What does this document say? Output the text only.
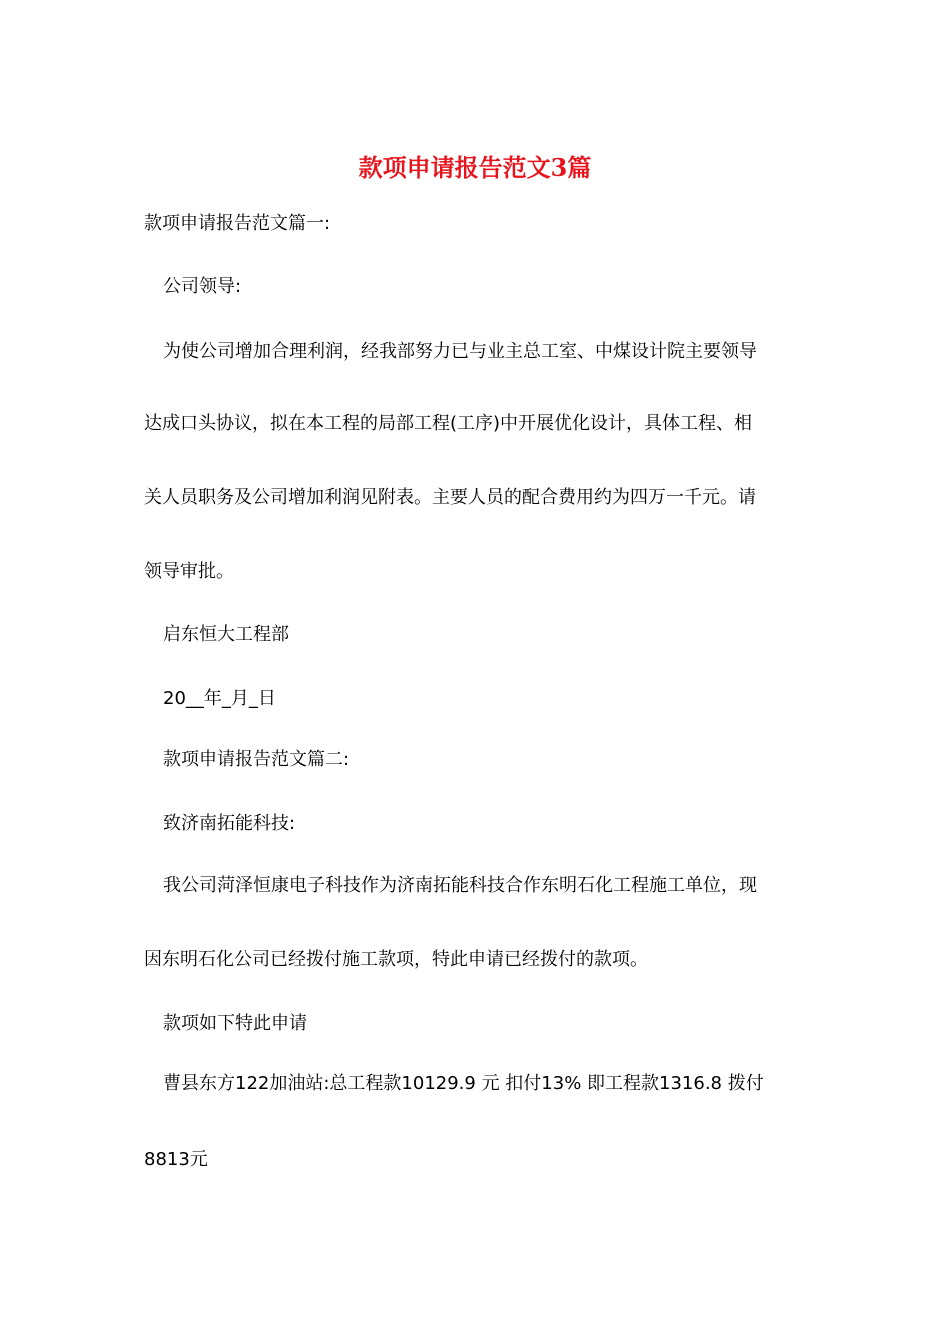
款项申请报告范文3篇

款项申请报告范文篇一:

公司领导:

为使公司增加合理利润，经我部努力已与业主总工室、中煤设计院主要领导

达成口头协议，拟在本工程的局部工程(工序)中开展优化设计，具体工程、相

关人员职务及公司增加利润见附表。主要人员的配合费用约为四万一千元。请

领导审批。

启东恒大工程部

20__年_月_日

款项申请报告范文篇二:

致济南拓能科技:

我公司菏泽恒康电子科技作为济南拓能科技合作东明石化工程施工单位，现

因东明石化公司已经拨付施工款项，特此申请已经拨付的款项。

款项如下特此申请

曹县东方122加油站:总工程款10129.9 元 扣付13% 即工程款1316.8 拨付

8813元
